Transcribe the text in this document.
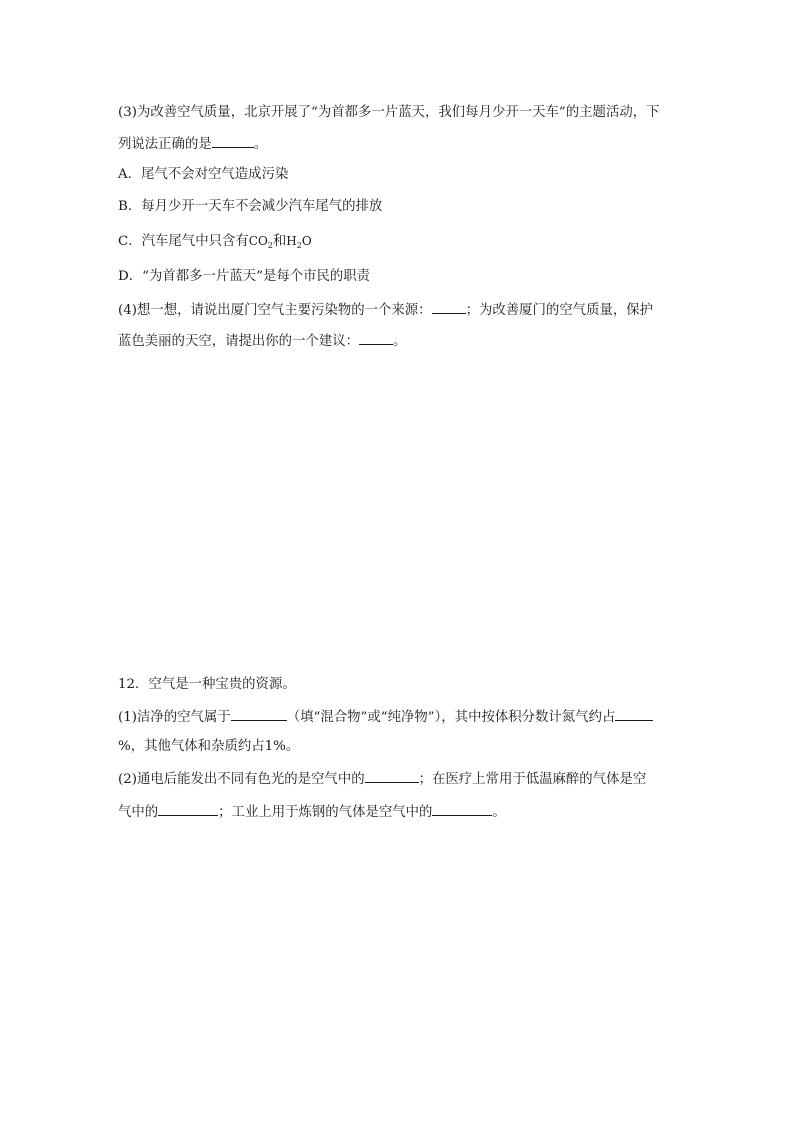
(3)为改善空气质量，北京开展了“为首都多一片蓝天，我们每月少开一天车”的主题活动，下
列说法正确的是	。
A．尾气不会对空气造成污染
B．每月少开一天车不会减少汽车尾气的排放
C．汽车尾气中只含有$CO_2$和$H_2O$
D．“为首都多一片蓝天”是每个市民的职责
(4)想一想，请说出厦门空气主要污染物的一个来源：	；为改善厦门的空气质量，保护
蓝色美丽的天空，请提出你的一个建议：	。
12．空气是一种宝贵的资源。
(1)洁净的空气属于	（填“混合物”或“纯净物”），其中按体积分数计氮气约占
%，其他气体和杂质约占1%。
(2)通电后能发出不同有色光的是空气中的	；在医疗上常用于低温麻醉的气体是空
气中的	；工业上用于炼钢的气体是空气中的	。
